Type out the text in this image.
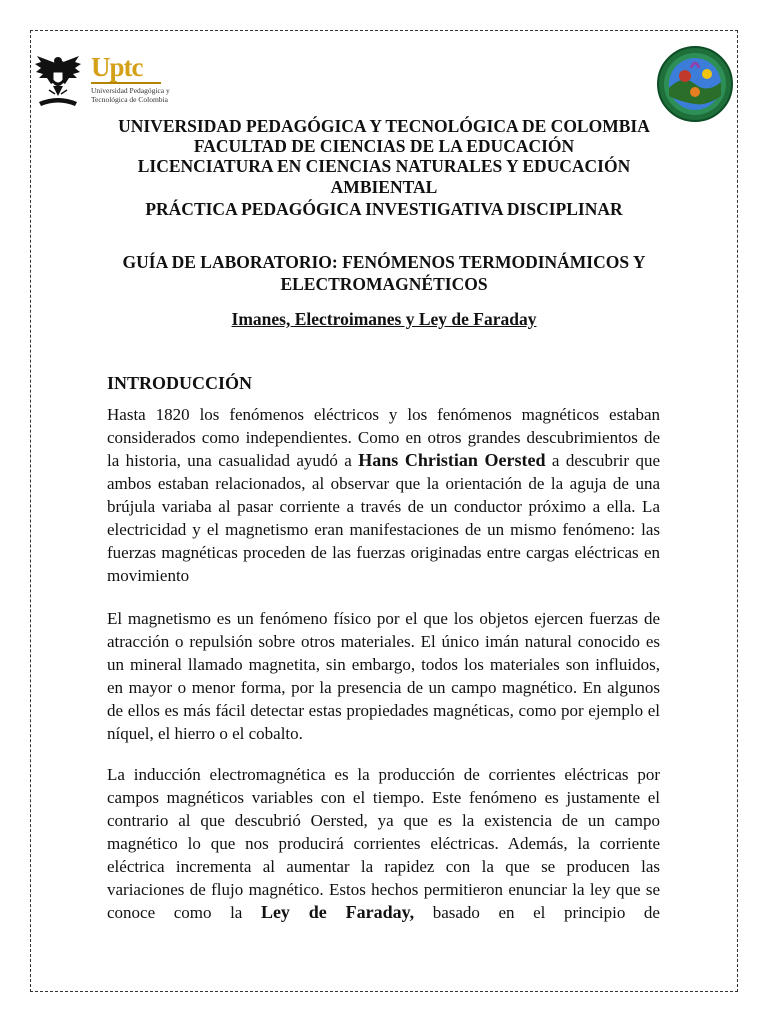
Uptc
Universidad Pedagógica y
Tecnológica de Colombia
UNIVERSIDAD PEDAGÓGICA Y TECNOLÓGICA DE COLOMBIA
FACULTAD DE CIENCIAS DE LA EDUCACIÓN
LICENCIATURA EN CIENCIAS NATURALES Y EDUCACIÓN
AMBIENTAL
PRÁCTICA PEDAGÓGICA INVESTIGATIVA DISCIPLINAR
GUÍA DE LABORATORIO: FENÓMENOS TERMODINÁMICOS Y
ELECTROMAGNÉTICOS
Imanes, Electroimanes y Ley de Faraday
INTRODUCCIÓN

Hasta 1820 los fenómenos eléctricos y los fenómenos magnéticos estaban considerados como independientes. Como en otros grandes descubrimientos de la historia, una casualidad ayudó a Hans Christian Oersted a descubrir que ambos estaban relacionados, al observar que la orientación de la aguja de una brújula variaba al pasar corriente a través de un conductor próximo a ella. La electricidad y el magnetismo eran manifestaciones de un mismo fenómeno: las fuerzas magnéticas proceden de las fuerzas originadas entre cargas eléctricas en movimiento

El magnetismo es un fenómeno físico por el que los objetos ejercen fuerzas de atracción o repulsión sobre otros materiales. El único imán natural conocido es un mineral llamado magnetita, sin embargo, todos los materiales son influidos, en mayor o menor forma, por la presencia de un campo magnético. En algunos de ellos es más fácil detectar estas propiedades magnéticas, como por ejemplo el níquel, el hierro o el cobalto.

La inducción electromagnética es la producción de corrientes eléctricas por campos magnéticos variables con el tiempo. Este fenómeno es justamente el contrario al que descubrió Oersted, ya que es la existencia de un campo magnético lo que nos producirá corrientes eléctricas. Además, la corriente eléctrica incrementa al aumentar la rapidez con la que se producen las variaciones de flujo magnético. Estos hechos permitieron enunciar la ley que se conoce como la Ley de Faraday, basado en el principio de
